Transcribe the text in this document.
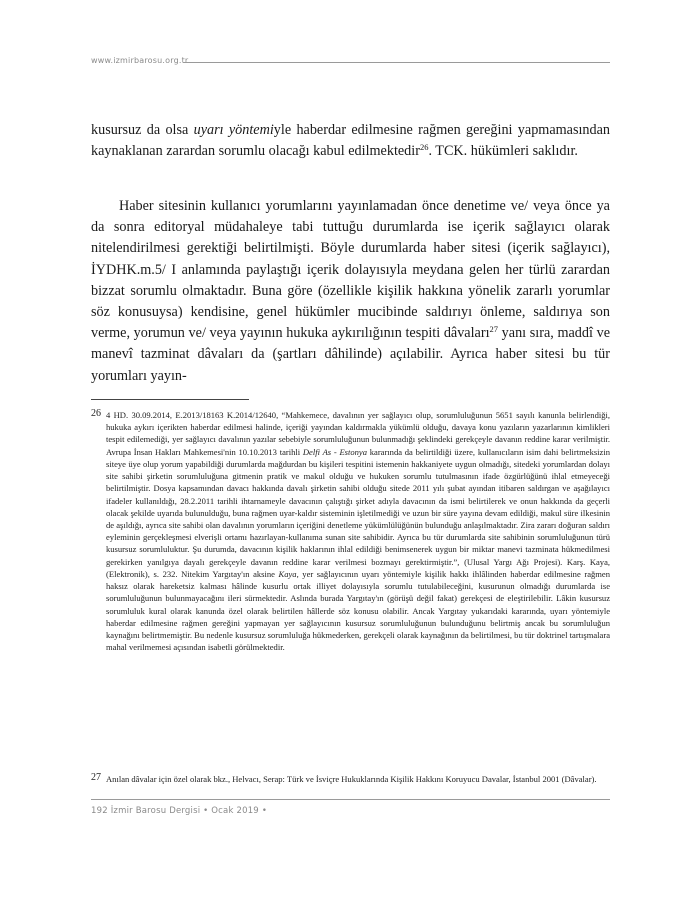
www.izmirbarosu.org.tr

kusursuz da olsa uyarı yöntemiyle haberdar edilmesine rağmen gereğini yapmamasından kaynaklanan zarardan sorumlu olacağı kabul edilmektedir$^{26}$. TCK. hükümleri saklıdır.

Haber sitesinin kullanıcı yorumlarını yayınlamadan önce denetime ve/ veya önce ya da sonra editoryal müdahaleye tabi tuttuğu durumlarda ise içerik sağlayıcı olarak nitelendirilmesi gerektiği belirtilmişti. Böyle durumlarda haber sitesi (içerik sağlayıcı), İYDHK.m.5/ I anlamında paylaştığı içerik dolayısıyla meydana gelen her türlü zarardan bizzat sorumlu olmaktadır. Buna göre (özellikle kişilik hakkına yönelik zararlı yorumlar söz konusuysa) kendisine, genel hükümler mucibinde saldırıyı önleme, saldırıya son verme, yorumun ve/ veya yayının hukuka aykırılığının tespiti dâvaları$^{27}$ yanı sıra, maddî ve manevî tazminat dâvaları da (şartları dâhilinde) açılabilir. Ayrıca haber sitesi bu tür yorumları yayın-

26 4 HD. 30.09.2014, E.2013/18163 K.2014/12640, “Mahkemece, davalının yer sağlayıcı olup, sorumluluğunun 5651 sayılı kanunla belirlendiği, hukuka aykırı içerikten haberdar edilmesi halinde, içeriği yayından kaldırmakla yükümlü olduğu, davaya konu yazıların yazarlarının kimlikleri tespit edilemediği, yer sağlayıcı davalının yazılar sebebiyle sorumluluğunun bulunmadığı şeklindeki gerekçeyle davanın reddine karar verilmiştir. Avrupa İnsan Hakları Mahkemesi'nin 10.10.2013 tarihli Delfi As - Estonya kararında da belirtildiği üzere, kullanıcıların isim dahi belirtmeksizin siteye üye olup yorum yapabildiği durumlarda mağdurdan bu kişileri tespitini istemenin hakkaniyete uygun olmadığı, sitedeki yorumlardan dolayı site sahibi şirketin sorumluluğuna gitmenin pratik ve makul olduğu ve hukuken sorumlu tutulmasının ifade özgürlüğünü ihlal etmeyeceği belirtilmiştir. Dosya kapsamından davacı hakkında davalı şirketin sahibi olduğu sitede 2011 yılı şubat ayından itibaren saldırgan ve aşağılayıcı ifadeler kullanıldığı, 28.2.2011 tarihli ihtarnameyle davacının çalıştığı şirket adıyla davacının da ismi belirtilerek ve onun hakkında da geçerli olacak şekilde uyarıda bulunulduğu, buna rağmen uyar-kaldır sisteminin işletilmediği ve uzun bir süre yayına devam edildiği, makul süre ilkesinin de aşıldığı, ayrıca site sahibi olan davalının yorumların içeriğini denetleme yükümlülüğünün bulunduğu anlaşılmaktadır. Zira zararı doğuran saldırı eyleminin gerçekleşmesi elverişli ortamı hazırlayan-kullanıma sunan site sahibidir. Ayrıca bu tür durumlarda site sahibinin sorumluluğunun türü kusursuz sorumluluktur. Şu durumda, davacının kişilik haklarının ihlal edildiği benimsenerek uygun bir miktar manevi tazminata hükmedilmesi gerekirken yanılgıya dayalı gerekçeyle davanın reddine karar verilmesi bozmayı gerektirmiştir.”, (Ulusal Yargı Ağı Projesi). Karş. Kaya, (Elektronik), s. 232. Nitekim Yargıtay'ın aksine Kaya, yer sağlayıcının uyarı yöntemiyle kişilik hakkı ihlâlinden haberdar edilmesine rağmen haksız olarak hareketsiz kalması hâlinde kusurlu ortak illiyet dolayısıyla sorumlu tutulabileceğini, kusurunun olmadığı durumlarda ise sorumluluğunun bulunmayacağını ileri sürmektedir. Aslında burada Yargıtay'ın (görüşü değil fakat) gerekçesi de eleştirilebilir. Lâkin kusursuz sorumluluk kural olarak kanunda özel olarak belirtilen hâllerde söz konusu olabilir. Ancak Yargıtay yukarıdaki kararında, uyarı yöntemiyle haberdar edilmesine rağmen gereğini yapmayan yer sağlayıcının kusursuz sorumluluğunun bulunduğunu belirtmiş ancak bu sorumluluğun kaynağını belirtmemiştir. Bu nedenle kusursuz sorumluluğa hükmederken, gerekçeli olarak kaynağının da belirtilmesi, bu tür doktrinel tartışmalara mahal verilmemesi açısından isabetli görülmektedir.
27 Anılan dâvalar için özel olarak bkz., Helvacı, Serap: Türk ve İsviçre Hukuklarında Kişilik Hakkını Koruyucu Davalar, İstanbul 2001 (Dâvalar).
192 İzmir Barosu Dergisi • Ocak 2019 •
